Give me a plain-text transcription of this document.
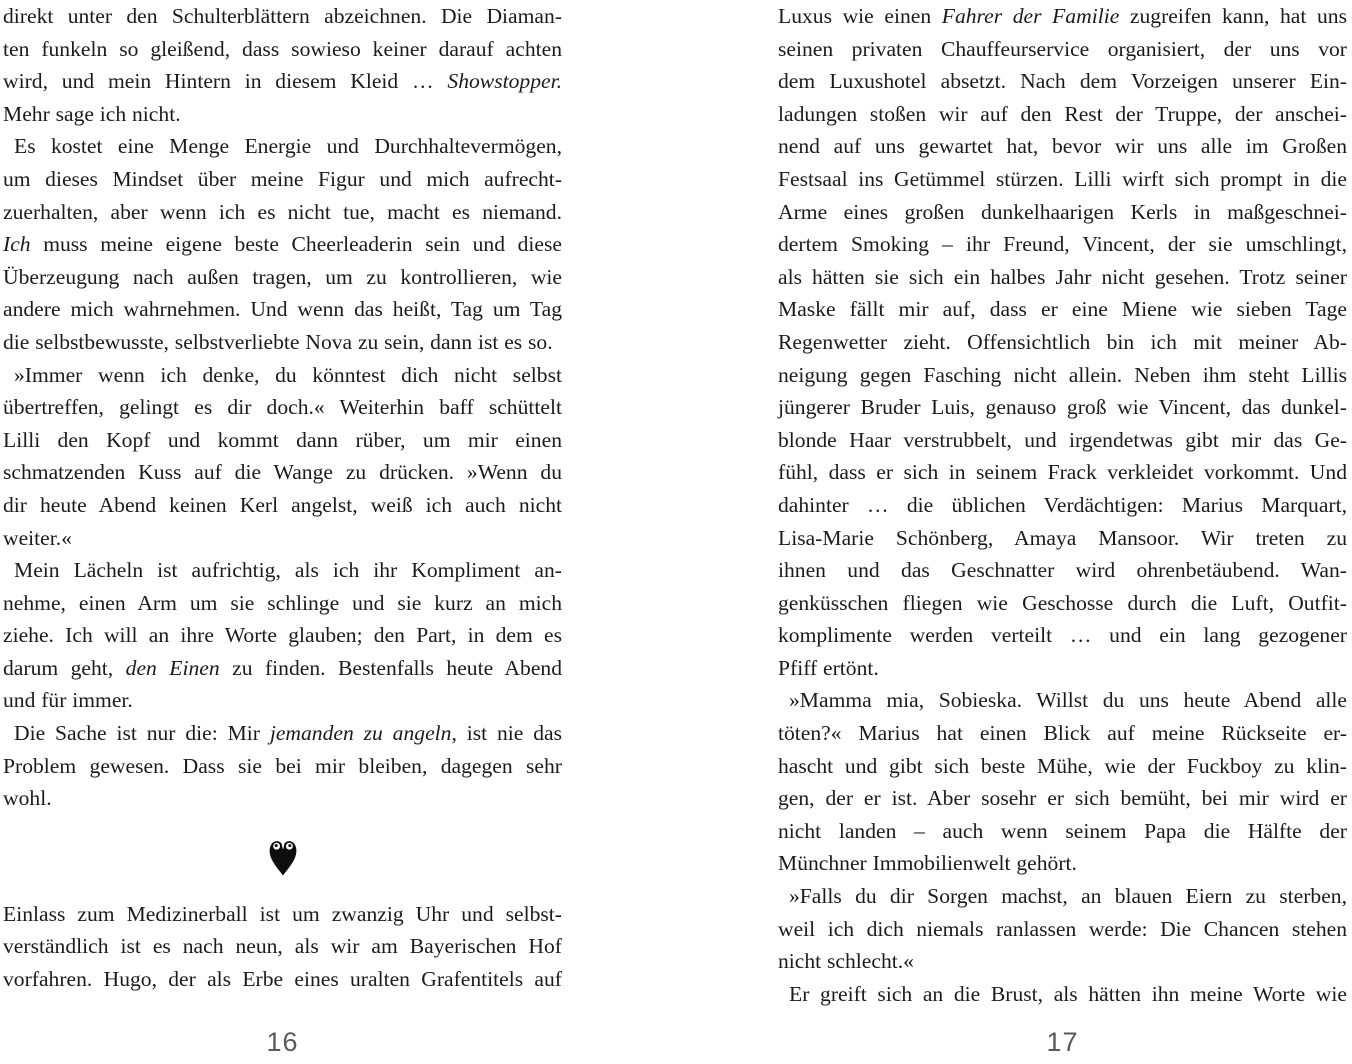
direkt unter den Schulterblättern abzeichnen. Die Diaman-
ten funkeln so gleißend, dass sowieso keiner darauf achten
wird, und mein Hintern in diesem Kleid … Showstopper.
Mehr sage ich nicht.
Es kostet eine Menge Energie und Durchhaltevermögen,
um dieses Mindset über meine Figur und mich aufrecht-
zuerhalten, aber wenn ich es nicht tue, macht es niemand.
Ich muss meine eigene beste Cheerleaderin sein und diese
Überzeugung nach außen tragen, um zu kontrollieren, wie
andere mich wahrnehmen. Und wenn das heißt, Tag um Tag
die selbstbewusste, selbstverliebte Nova zu sein, dann ist es so.
»Immer wenn ich denke, du könntest dich nicht selbst
übertreffen, gelingt es dir doch.« Weiterhin baff schüttelt
Lilli den Kopf und kommt dann rüber, um mir einen
schmatzenden Kuss auf die Wange zu drücken. »Wenn du
dir heute Abend keinen Kerl angelst, weiß ich auch nicht
weiter.«
Mein Lächeln ist aufrichtig, als ich ihr Kompliment an-
nehme, einen Arm um sie schlinge und sie kurz an mich
ziehe. Ich will an ihre Worte glauben; den Part, in dem es
darum geht, den Einen zu finden. Bestenfalls heute Abend
und für immer.
Die Sache ist nur die: Mir jemanden zu angeln, ist nie das
Problem gewesen. Dass sie bei mir bleiben, dagegen sehr
wohl.
Einlass zum Medizinerball ist um zwanzig Uhr und selbst-
verständlich ist es nach neun, als wir am Bayerischen Hof
vorfahren. Hugo, der als Erbe eines uralten Grafentitels auf
16
Luxus wie einen Fahrer der Familie zugreifen kann, hat uns
seinen privaten Chauffeurservice organisiert, der uns vor
dem Luxushotel absetzt. Nach dem Vorzeigen unserer Ein-
ladungen stoßen wir auf den Rest der Truppe, der anschei-
nend auf uns gewartet hat, bevor wir uns alle im Großen
Festsaal ins Getümmel stürzen. Lilli wirft sich prompt in die
Arme eines großen dunkelhaarigen Kerls in maßgeschnei-
dertem Smoking – ihr Freund, Vincent, der sie umschlingt,
als hätten sie sich ein halbes Jahr nicht gesehen. Trotz seiner
Maske fällt mir auf, dass er eine Miene wie sieben Tage
Regenwetter zieht. Offensichtlich bin ich mit meiner Ab-
neigung gegen Fasching nicht allein. Neben ihm steht Lillis
jüngerer Bruder Luis, genauso groß wie Vincent, das dunkel-
blonde Haar verstrubbelt, und irgendetwas gibt mir das Ge-
fühl, dass er sich in seinem Frack verkleidet vorkommt. Und
dahinter … die üblichen Verdächtigen: Marius Marquart,
Lisa-Marie Schönberg, Amaya Mansoor. Wir treten zu
ihnen und das Geschnatter wird ohrenbetäubend. Wan-
genküsschen fliegen wie Geschosse durch die Luft, Outfit-
komplimente werden verteilt … und ein lang gezogener
Pfiff ertönt.
»Mamma mia, Sobieska. Willst du uns heute Abend alle
töten?« Marius hat einen Blick auf meine Rückseite er-
hascht und gibt sich beste Mühe, wie der Fuckboy zu klin-
gen, der er ist. Aber sosehr er sich bemüht, bei mir wird er
nicht landen – auch wenn seinem Papa die Hälfte der
Münchner Immobilienwelt gehört.
»Falls du dir Sorgen machst, an blauen Eiern zu sterben,
weil ich dich niemals ranlassen werde: Die Chancen stehen
nicht schlecht.«
Er greift sich an die Brust, als hätten ihn meine Worte wie
17
